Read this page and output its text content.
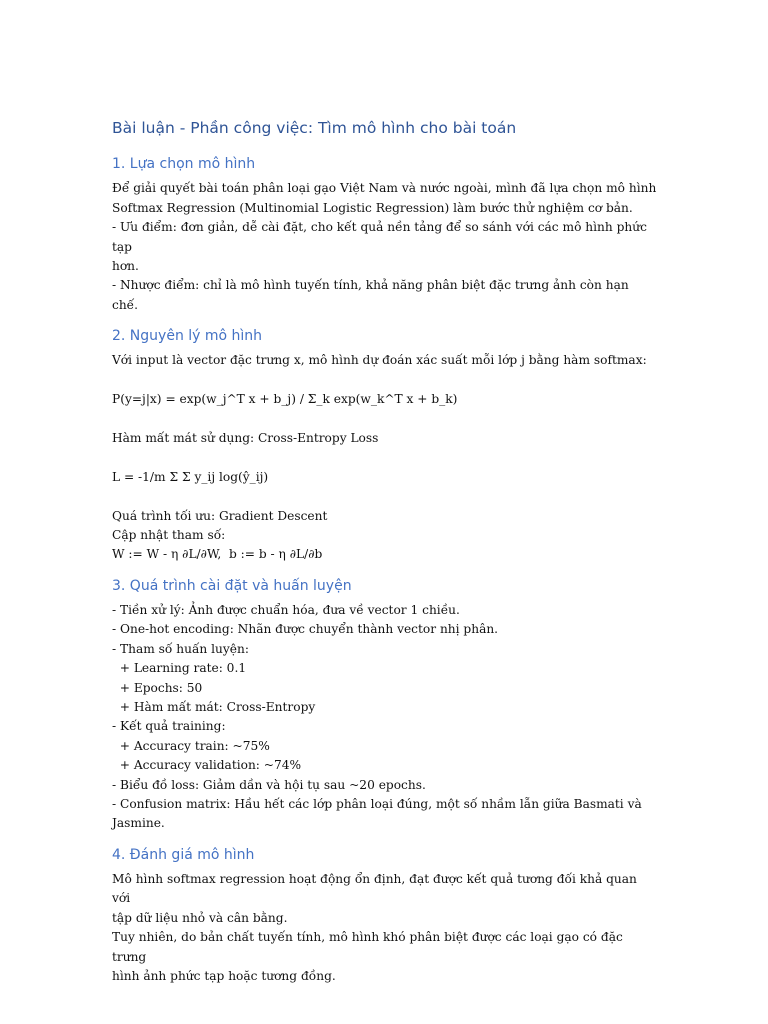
Bài luận - Phần công việc: Tìm mô hình cho bài toán
1. Lựa chọn mô hình
Để giải quyết bài toán phân loại gạo Việt Nam và nước ngoài, mình đã lựa chọn mô hình
Softmax Regression (Multinomial Logistic Regression) làm bước thử nghiệm cơ bản.
- Ưu điểm: đơn giản, dễ cài đặt, cho kết quả nền tảng để so sánh với các mô hình phức tạp
hơn.
- Nhược điểm: chỉ là mô hình tuyến tính, khả năng phân biệt đặc trưng ảnh còn hạn chế.
2. Nguyên lý mô hình
Với input là vector đặc trưng x, mô hình dự đoán xác suất mỗi lớp j bằng hàm softmax:
P(y=j|x) = exp(w_j^T x + b_j) / Σ_k exp(w_k^T x + b_k)
Hàm mất mát sử dụng: Cross-Entropy Loss
L = -1/m Σ Σ y_ij log(ŷ_ij)
Quá trình tối ưu: Gradient Descent
Cập nhật tham số:
W := W - η ∂L/∂W,  b := b - η ∂L/∂b
3. Quá trình cài đặt và huấn luyện
- Tiền xử lý: Ảnh được chuẩn hóa, đưa về vector 1 chiều.
- One-hot encoding: Nhãn được chuyển thành vector nhị phân.
- Tham số huấn luyện:
+ Learning rate: 0.1
+ Epochs: 50
+ Hàm mất mát: Cross-Entropy
- Kết quả training:
+ Accuracy train: ~75%
+ Accuracy validation: ~74%
- Biểu đồ loss: Giảm dần và hội tụ sau ~20 epochs.
- Confusion matrix: Hầu hết các lớp phân loại đúng, một số nhầm lẫn giữa Basmati và
Jasmine.
4. Đánh giá mô hình
Mô hình softmax regression hoạt động ổn định, đạt được kết quả tương đối khả quan với
tập dữ liệu nhỏ và cân bằng.
Tuy nhiên, do bản chất tuyến tính, mô hình khó phân biệt được các loại gạo có đặc trưng
hình ảnh phức tạp hoặc tương đồng.
